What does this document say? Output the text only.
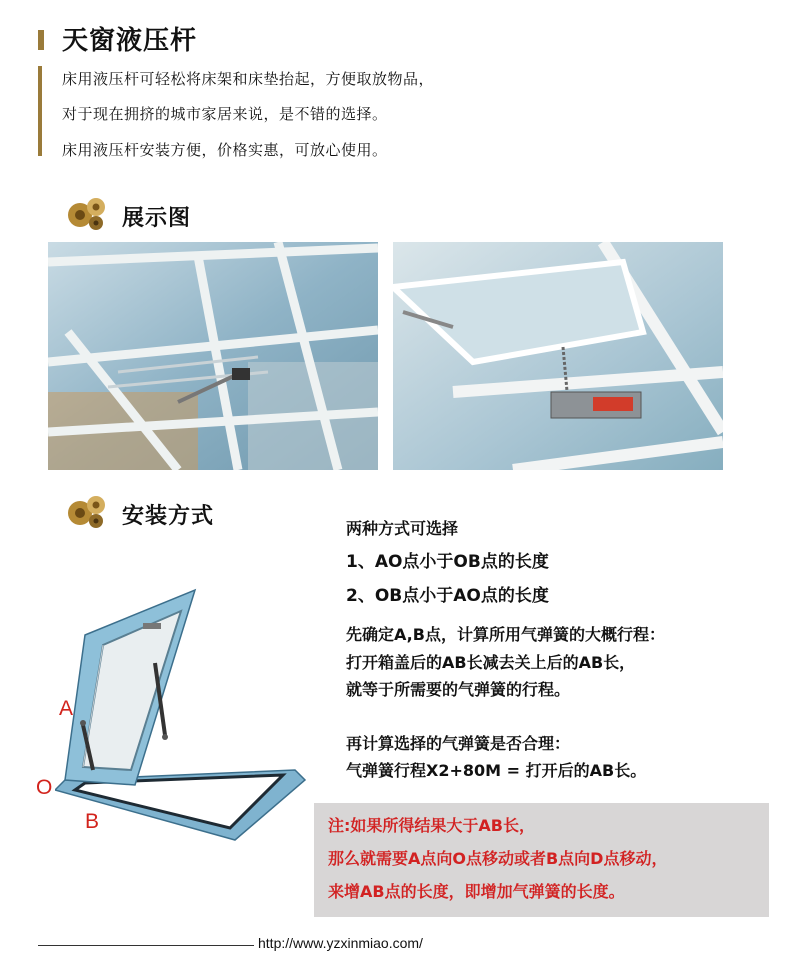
天窗液压杆
床用液压杆可轻松将床架和床垫抬起，方便取放物品，
对于现在拥挤的城市家居来说，是不错的选择。
床用液压杆安装方便，价格实惠，可放心使用。
展示图
安装方式	两种方式可选择
1、AO点小于OB点的长度
2、OB点小于AO点的长度
先确定A,B点，计算所用气弹簧的大概行程：
打开箱盖后的AB长减去关上后的AB长，
就等于所需要的气弹簧的行程。
再计算选择的气弹簧是否合理：
气弹簧行程X2+80M = 打开后的AB长。
A
O
B	注:如果所得结果大于AB长，
那么就需要A点向O点移动或者B点向D点移动，
来增AB点的长度，即增加气弹簧的长度。
http://www.yzxinmiao.com/
